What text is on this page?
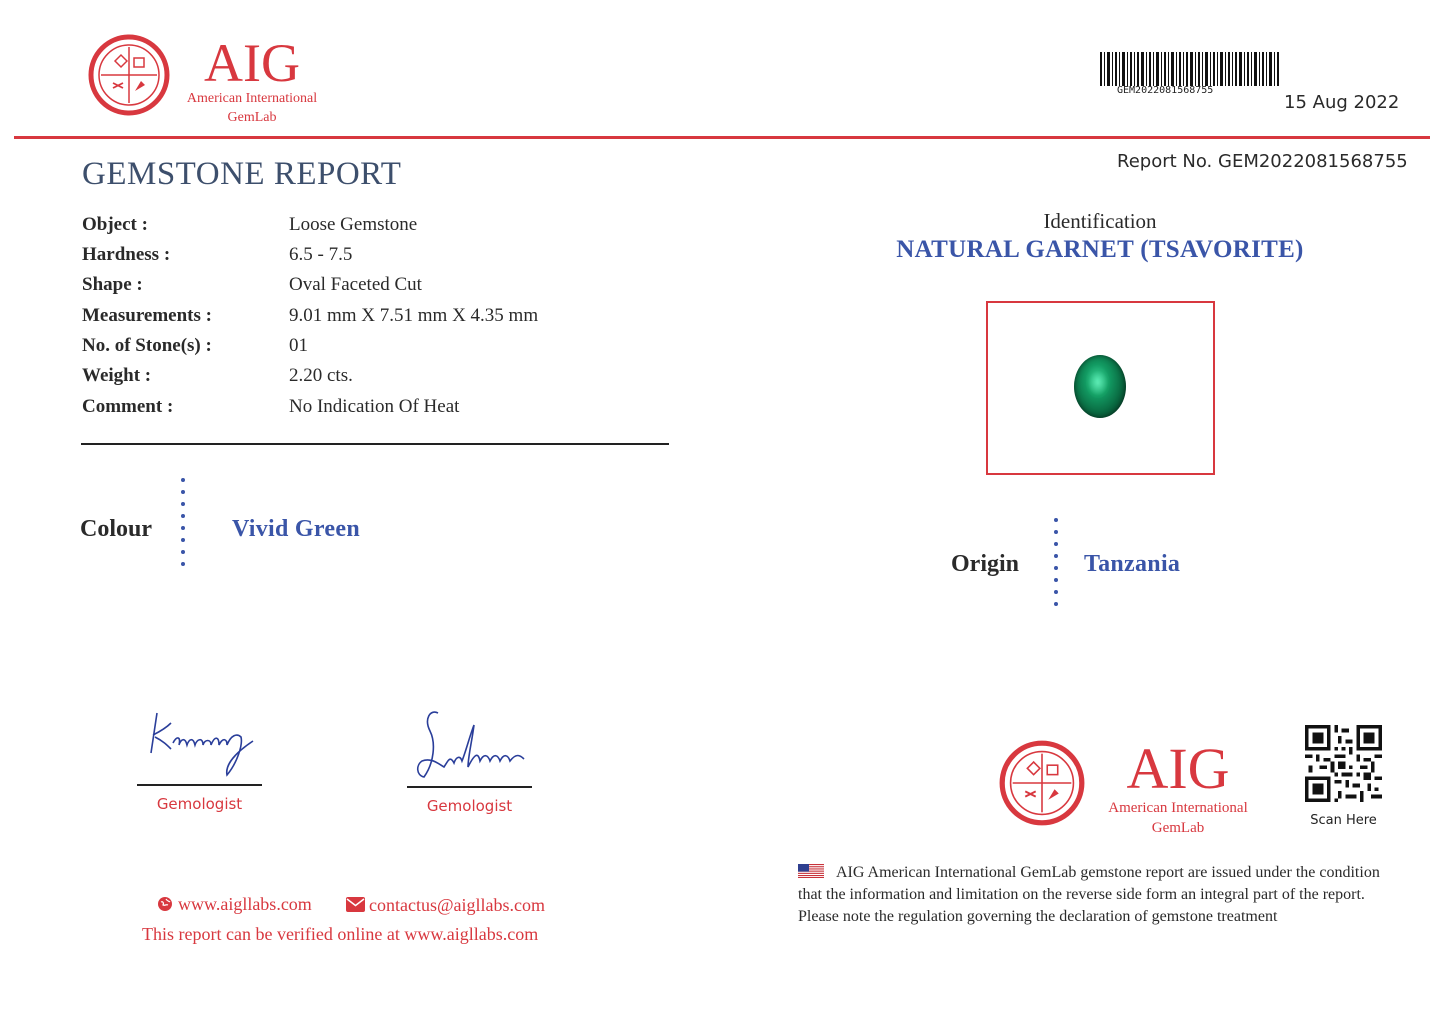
AIG
American International
GemLab
GEM2022081568755
15 Aug 2022
GEMSTONE REPORT	Report No. GEM2022081568755
Object :	Loose Gemstone
Hardness :	6.5 - 7.5
Shape :	Oval Faceted Cut
Measurements :	9.01 mm X 7.51 mm X 4.35 mm
No. of Stone(s) :	01
Weight :	2.20 cts.
Comment :	No Indication Of Heat
Colour	Vivid Green
Identification
NATURAL GARNET (TSAVORITE)
Origin	Tanzania
Gemologist	Gemologist
www.aigllabs.com	contactus@aigllabs.com
This report can be verified online at www.aigllabs.com
AIG
American International
GemLab	Scan Here
AIG American International GemLab gemstone report are issued under the condition that the information and limitation on the reverse side form an integral part of the report. Please note the regulation governing the declaration of gemstone treatment
